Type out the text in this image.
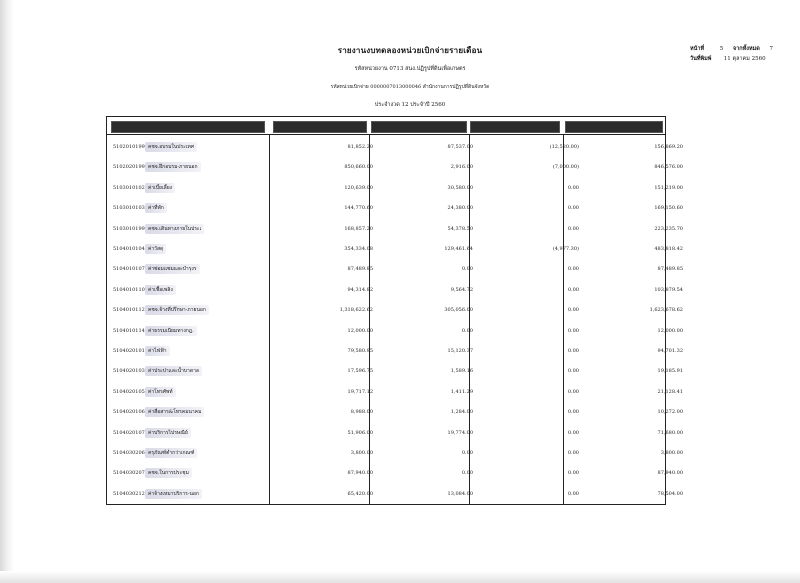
รายงานงบทดลองหน่วยเบิกจ่ายรายเดือน
รหัสหน่วยงาน 0713 สนง.ปฏิรูปที่ดินเพื่อเกษตร
รหัสหน่วยเบิกจ่าย 0000007013000046 สำนักงานการปฏิรูปที่ดินจังหวัด
ประจำงวด 12 ประจำปี 2560
หน้าที่	5 จากทั้งหมด 7
วันที่พิมพ์ 11 ตุลาคม 2560
5102010199 คชจ.อบรมในประเทศ	81,852.20	87,537.00	(12,520.00)	156,869.20
5102020199 คชจ.ฝึกอบรม-ภายนอก	850,660.00	2,916.00	(7,000.00)	846,576.00
5103010102 ค่าเบี้ยเลี้ยง	120,639.00	30,580.00	0.00	151,219.00
5103010103 ค่าที่พัก	144,770.60	24,380.00	0.00	169,150.60
5103010199 คชจ.เดินทางภายในประเ	168,857.20	54,378.50	0.00	223,235.70
5104010104 ค่าวัสดุ	354,334.08	129,461.64	(4,977.30)	483,818.42
5104010107 ค่าซ่อมแซมและบำรุงร	87,489.85	0.00	0.00	87,489.85
5104010110 ค่าเชื้อเพลิง	94,314.82	9,564.72	0.00	103,879.54
5104010112 คชจ.จ้างที่ปรึกษา-ภายนอก	1,318,622.62	305,056.00	0.00	1,623,678.62
5104010114 ค่าธรรมเนียมทางกฎ.	12,000.00	0.00	0.00	12,000.00
5104020101 ค่าไฟฟ้า	79,580.95	15,120.37	0.00	94,701.32
5104020103 ค่าประปาและน้ำบาดาล	17,596.75	1,589.16	0.00	19,185.91
5104020105 ค่าโทรศัพท์	19,717.12	1,411.29	0.00	21,128.41
5104020106 ค่าสื่อสาร&โทรคมนาคม	8,988.00	1,284.00	0.00	10,272.00
5104020107 ค่าบริการไปรษณีย์	51,906.00	19,774.00	0.00	71,680.00
5104030206 ครุภัณฑ์ต่ำกว่าเกณฑ์	3,800.00	0.00	0.00	3,800.00
5104030207 คชจ.ในการประชุม	87,940.00	0.00	0.00	87,940.00
5104030212 ค่าจ้างเหมาบริการ-นอก	65,420.00	13,084.00	0.00	78,504.00
